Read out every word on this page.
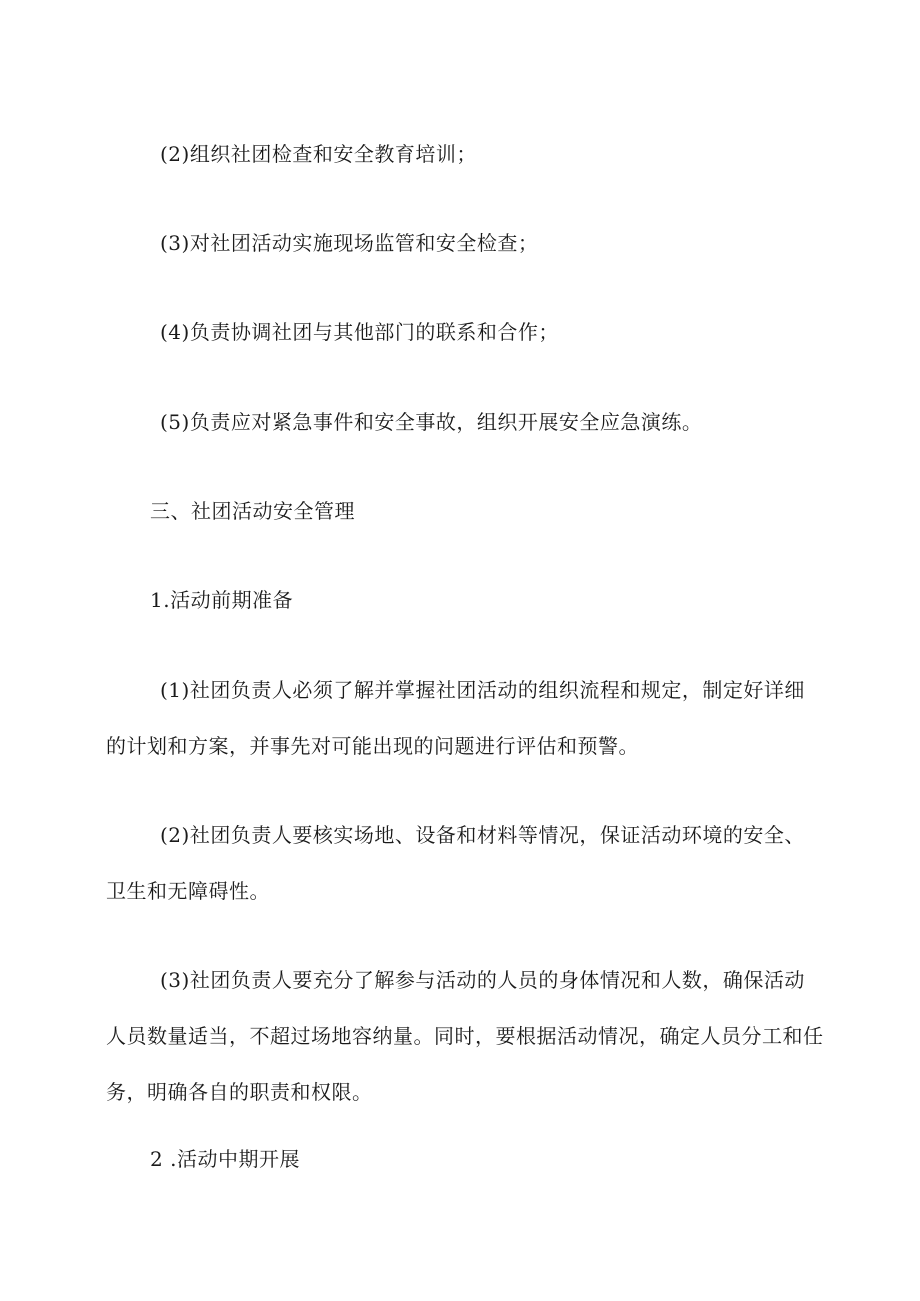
(2)组织社团检查和安全教育培训；
(3)对社团活动实施现场监管和安全检查；
(4)负责协调社团与其他部门的联系和合作；
(5)负责应对紧急事件和安全事故，组织开展安全应急演练。
三、社团活动安全管理
1.活动前期准备
(1)社团负责人必须了解并掌握社团活动的组织流程和规定，制定好详细
的计划和方案，并事先对可能出现的问题进行评估和预警。
(2)社团负责人要核实场地、设备和材料等情况，保证活动环境的安全、
卫生和无障碍性。
(3)社团负责人要充分了解参与活动的人员的身体情况和人数，确保活动
人员数量适当，不超过场地容纳量。同时，要根据活动情况，确定人员分工和任
务，明确各自的职责和权限。
2 .活动中期开展
